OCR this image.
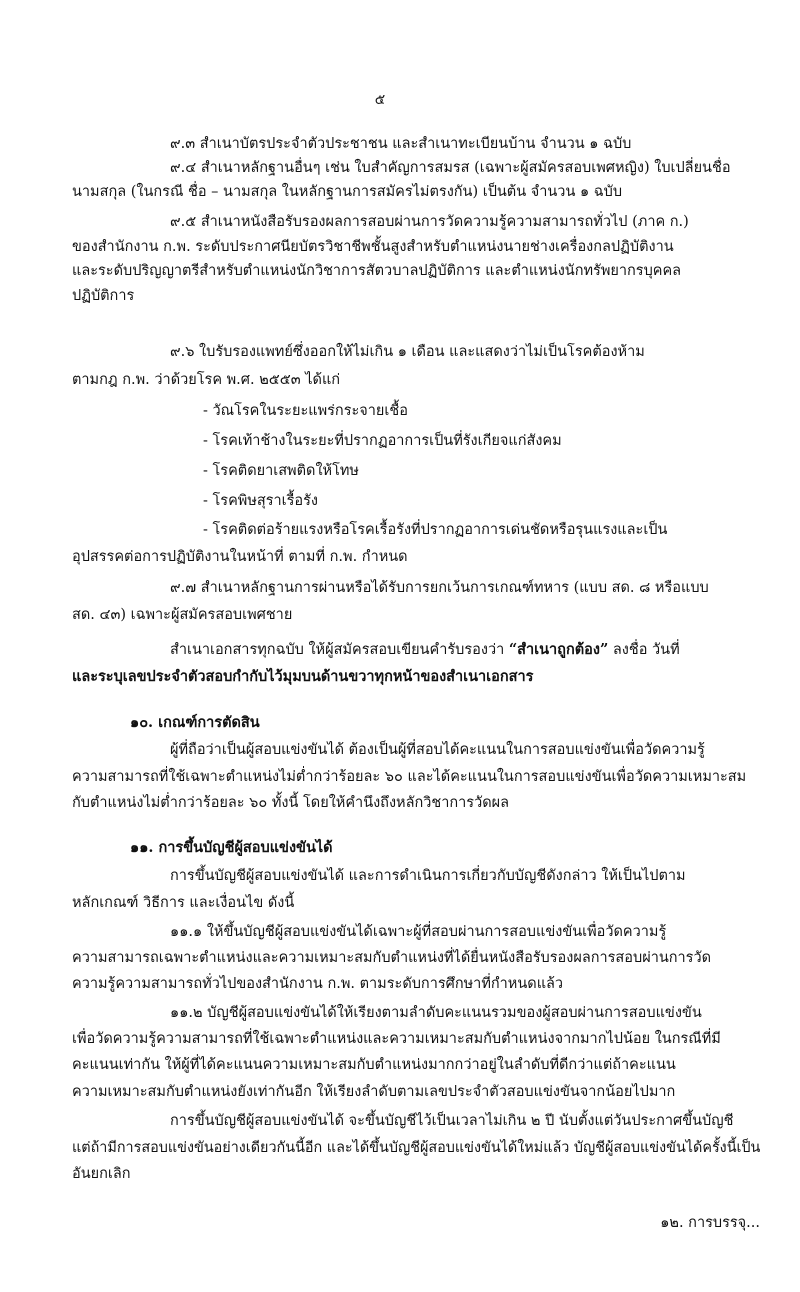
๕
๙.๓ สำเนาบัตรประจำตัวประชาชน และสำเนาทะเบียนบ้าน จำนวน ๑ ฉบับ
๙.๔ สำเนาหลักฐานอื่นๆ เช่น ใบสำคัญการสมรส (เฉพาะผู้สมัครสอบเพศหญิง) ใบเปลี่ยนชื่อ
นามสกุล (ในกรณี ชื่อ – นามสกุล ในหลักฐานการสมัครไม่ตรงกัน) เป็นต้น จำนวน ๑ ฉบับ
๙.๕ สำเนาหนังสือรับรองผลการสอบผ่านการวัดความรู้ความสามารถทั่วไป (ภาค ก.)
ของสำนักงาน ก.พ. ระดับประกาศนียบัตรวิชาชีพชั้นสูงสำหรับตำแหน่งนายช่างเครื่องกลปฏิบัติงาน
และระดับปริญญาตรีสำหรับตำแหน่งนักวิชาการสัตวบาลปฏิบัติการ และตำแหน่งนักทรัพยากรบุคคล
ปฏิบัติการ
๙.๖ ใบรับรองแพทย์ซึ่งออกให้ไม่เกิน ๑ เดือน และแสดงว่าไม่เป็นโรคต้องห้าม
ตามกฎ ก.พ. ว่าด้วยโรค พ.ศ. ๒๕๕๓ ได้แก่
- วัณโรคในระยะแพร่กระจายเชื้อ
- โรคเท้าช้างในระยะที่ปรากฏอาการเป็นที่รังเกียจแก่สังคม
- โรคติดยาเสพติดให้โทษ
- โรคพิษสุราเรื้อรัง
- โรคติดต่อร้ายแรงหรือโรคเรื้อรังที่ปรากฏอาการเด่นชัดหรือรุนแรงและเป็น
อุปสรรคต่อการปฏิบัติงานในหน้าที่ ตามที่ ก.พ. กำหนด
๙.๗ สำเนาหลักฐานการผ่านหรือได้รับการยกเว้นการเกณฑ์ทหาร (แบบ สด. ๘ หรือแบบ
สด. ๔๓) เฉพาะผู้สมัครสอบเพศชาย
สำเนาเอกสารทุกฉบับ ให้ผู้สมัครสอบเขียนคำรับรองว่า “สำเนาถูกต้อง” ลงชื่อ วันที่
และระบุเลขประจำตัวสอบกำกับไว้มุมบนด้านขวาทุกหน้าของสำเนาเอกสาร
๑๐. เกณฑ์การตัดสิน
ผู้ที่ถือว่าเป็นผู้สอบแข่งขันได้ ต้องเป็นผู้ที่สอบได้คะแนนในการสอบแข่งขันเพื่อวัดความรู้
ความสามารถที่ใช้เฉพาะตำแหน่งไม่ต่ำกว่าร้อยละ ๖๐ และได้คะแนนในการสอบแข่งขันเพื่อวัดความเหมาะสม
กับตำแหน่งไม่ต่ำกว่าร้อยละ ๖๐ ทั้งนี้ โดยให้คำนึงถึงหลักวิชาการวัดผล
๑๑. การขึ้นบัญชีผู้สอบแข่งขันได้
การขึ้นบัญชีผู้สอบแข่งขันได้ และการดำเนินการเกี่ยวกับบัญชีดังกล่าว ให้เป็นไปตาม
หลักเกณฑ์ วิธีการ และเงื่อนไข ดังนี้
๑๑.๑ ให้ขึ้นบัญชีผู้สอบแข่งขันได้เฉพาะผู้ที่สอบผ่านการสอบแข่งขันเพื่อวัดความรู้
ความสามารถเฉพาะตำแหน่งและความเหมาะสมกับตำแหน่งที่ได้ยื่นหนังสือรับรองผลการสอบผ่านการวัด
ความรู้ความสามารถทั่วไปของสำนักงาน ก.พ. ตามระดับการศึกษาที่กำหนดแล้ว
๑๑.๒ บัญชีผู้สอบแข่งขันได้ให้เรียงตามลำดับคะแนนรวมของผู้สอบผ่านการสอบแข่งขัน
เพื่อวัดความรู้ความสามารถที่ใช้เฉพาะตำแหน่งและความเหมาะสมกับตำแหน่งจากมากไปน้อย ในกรณีที่มี
คะแนนเท่ากัน ให้ผู้ที่ได้คะแนนความเหมาะสมกับตำแหน่งมากกว่าอยู่ในลำดับที่ดีกว่าแต่ถ้าคะแนน
ความเหมาะสมกับตำแหน่งยังเท่ากันอีก ให้เรียงลำดับตามเลขประจำตัวสอบแข่งขันจากน้อยไปมาก
การขึ้นบัญชีผู้สอบแข่งขันได้ จะขึ้นบัญชีไว้เป็นเวลาไม่เกิน ๒ ปี นับตั้งแต่วันประกาศขึ้นบัญชี
แต่ถ้ามีการสอบแข่งขันอย่างเดียวกันนี้อีก และได้ขึ้นบัญชีผู้สอบแข่งขันได้ใหม่แล้ว บัญชีผู้สอบแข่งขันได้ครั้งนี้เป็น
อันยกเลิก
๑๒. การบรรจุ...
